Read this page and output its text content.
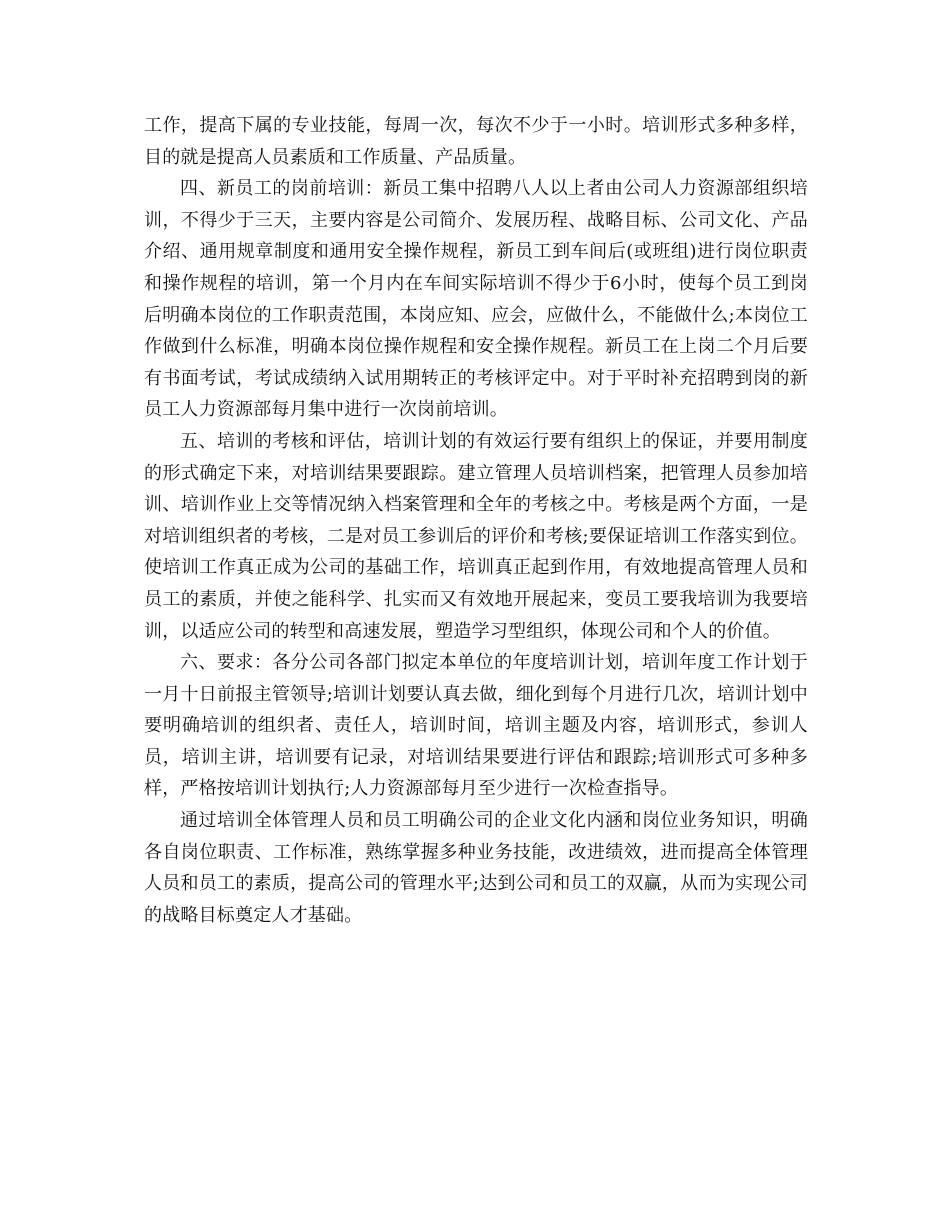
工作，提高下属的专业技能，每周一次，每次不少于一小时。培训形式多种多样，目的就是提高人员素质和工作质量、产品质量。

四、新员工的岗前培训：新员工集中招聘八人以上者由公司人力资源部组织培训，不得少于三天，主要内容是公司简介、发展历程、战略目标、公司文化、产品介绍、通用规章制度和通用安全操作规程，新员工到车间后(或班组)进行岗位职责和操作规程的培训，第一个月内在车间实际培训不得少于6小时，使每个员工到岗后明确本岗位的工作职责范围，本岗应知、应会，应做什么，不能做什么;本岗位工作做到什么标准，明确本岗位操作规程和安全操作规程。新员工在上岗二个月后要有书面考试，考试成绩纳入试用期转正的考核评定中。对于平时补充招聘到岗的新员工人力资源部每月集中进行一次岗前培训。

五、培训的考核和评估，培训计划的有效运行要有组织上的保证，并要用制度的形式确定下来，对培训结果要跟踪。建立管理人员培训档案，把管理人员参加培训、培训作业上交等情况纳入档案管理和全年的考核之中。考核是两个方面，一是对培训组织者的考核，二是对员工参训后的评价和考核;要保证培训工作落实到位。使培训工作真正成为公司的基础工作，培训真正起到作用，有效地提高管理人员和员工的素质，并使之能科学、扎实而又有效地开展起来，变员工要我培训为我要培训，以适应公司的转型和高速发展，塑造学习型组织，体现公司和个人的价值。

六、要求：各分公司各部门拟定本单位的年度培训计划，培训年度工作计划于一月十日前报主管领导;培训计划要认真去做，细化到每个月进行几次，培训计划中要明确培训的组织者、责任人，培训时间，培训主题及内容，培训形式，参训人员，培训主讲，培训要有记录，对培训结果要进行评估和跟踪;培训形式可多种多样，严格按培训计划执行;人力资源部每月至少进行一次检查指导。

通过培训全体管理人员和员工明确公司的企业文化内涵和岗位业务知识，明确各自岗位职责、工作标准，熟练掌握多种业务技能，改进绩效，进而提高全体管理人员和员工的素质，提高公司的管理水平;达到公司和员工的双赢，从而为实现公司的战略目标奠定人才基础。
